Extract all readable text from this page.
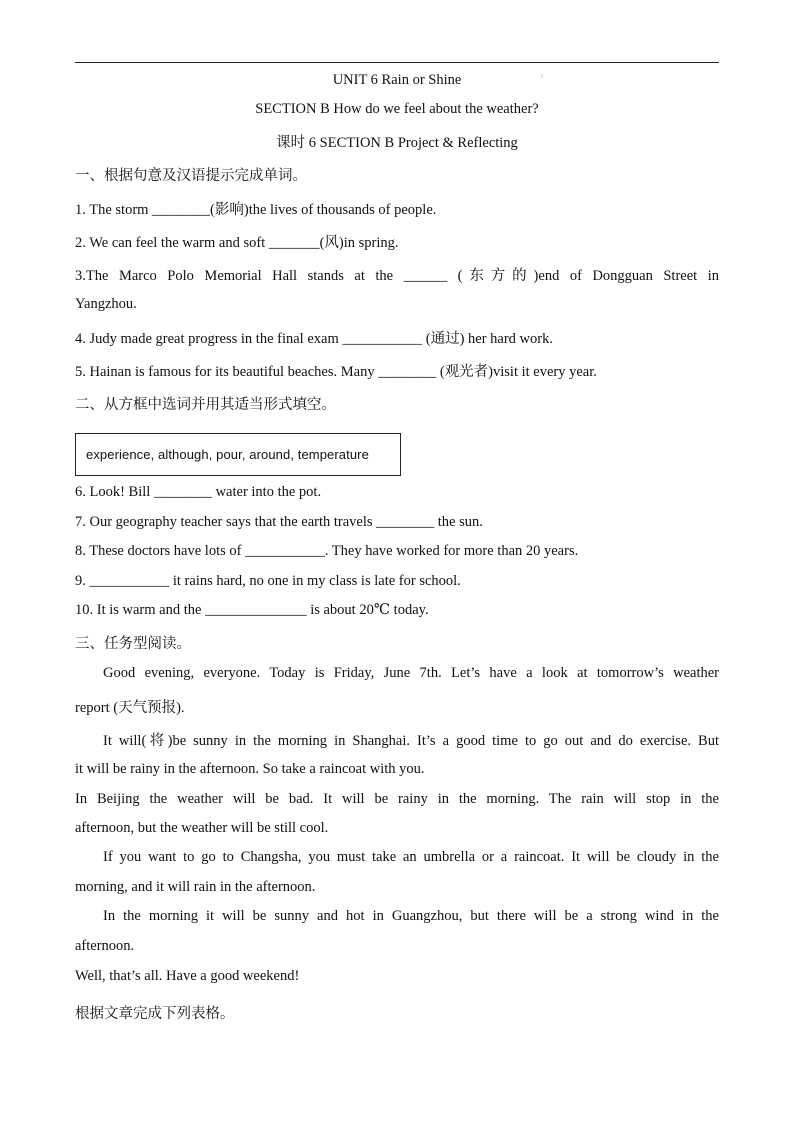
⁝
UNIT 6 Rain or Shine
SECTION B How do we feel about the weather?
课时 6 SECTION B Project & Reflecting
一、根据句意及汉语提示完成单词。
1. The storm ________(影响)the lives of thousands of people.
2. We can feel the warm and soft _______(风)in spring.
3.The Marco Polo Memorial Hall stands at the ______ (东方的)end of Dongguan Street in
Yangzhou.
4. Judy made great progress in the final exam ___________ (通过) her hard work.
5. Hainan is famous for its beautiful beaches. Many ________ (观光者)visit it every year.
二、从方框中选词并用其适当形式填空。
experience, although, pour, around, temperature
6. Look! Bill ________ water into the pot.
7. Our geography teacher says that the earth travels ________ the sun.
8. These doctors have lots of ___________. They have worked for more than 20 years.
9. ___________ it rains hard, no one in my class is late for school.
10. It is warm and the ______________ is about 20℃ today.
三、任务型阅读。
Good evening, everyone. Today is Friday, June 7th. Let’s have a look at tomorrow’s weather
report (天气预报).
It will(将)be sunny in the morning in Shanghai. It’s a good time to go out and do exercise. But
it will be rainy in the afternoon. So take a raincoat with you.
In Beijing the weather will be bad. It will be rainy in the morning. The rain will stop in the
afternoon, but the weather will be still cool.
If you want to go to Changsha, you must take an umbrella or a raincoat. It will be cloudy in the
morning, and it will rain in the afternoon.
In the morning it will be sunny and hot in Guangzhou, but there will be a strong wind in the
afternoon.
Well, that’s all. Have a good weekend!
根据文章完成下列表格。
